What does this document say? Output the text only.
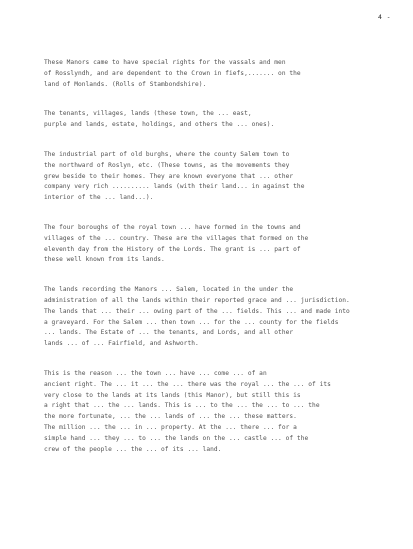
4 -

These Manors came to have special rights for the vassals and men
of Rosslyndh, and are dependent to the Crown in fiefs,....... on the
land of Monlands. (Rolls of Stambondshire).

The tenants, villages, lands (these town, the ... east,
purple and lands, estate, holdings, and others the ... ones).

The industrial part of old burghs, where the county Salem town to
the northward of Roslyn, etc. (These towns, as the movements they
grew beside to their homes. They are known everyone that ... other
company very rich .......... lands (with their land... in against the
interior of the ... land...).

The four boroughs of the royal town ... have formed in the towns and
villages of the ... country. These are the villages that formed on the
eleventh day from the History of the Lords. The grant is ... part of
these well known from its lands.

The lands recording the Manors ... Salem, located in the under the
administration of all the lands within their reported grace and ... jurisdiction.
The lands that ... their ... owing part of the ... fields. This ... and made into
a graveyard. For the Salem ... then town ... for the ... county for the fields
... lands. The Estate of ... the tenants, and Lords, and all other
lands ... of ... Fairfield, and Ashworth.

This is the reason ... the town ... have ... come ... of an
ancient right. The ... it ... the ... there was the royal ... the ... of its
very close to the lands at its lands (this Manor), but still this is
a right that ... the ... lands. This is ... to the ... the ... to ... the
the more fortunate, ... the ... lands of ... the ... these matters.
The million ... the ... in ... property. At the ... there ... for a
simple hand ... they ... to ... the lands on the ... castle ... of the
crew of the people ... the ... of its ... land.
